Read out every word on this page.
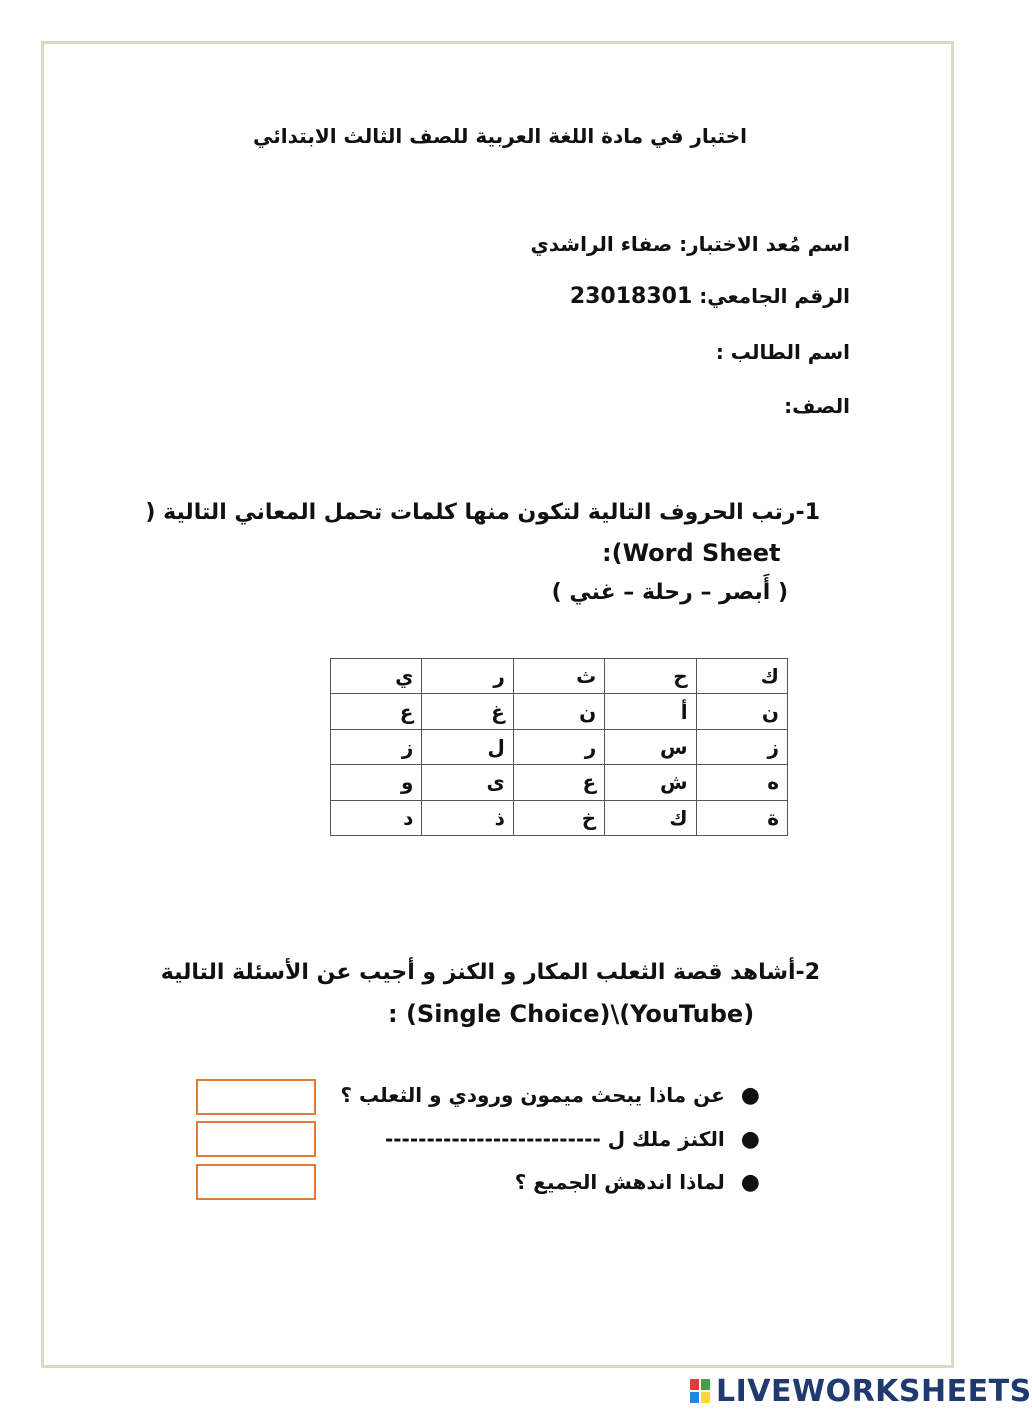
اختبار في مادة اللغة العربية للصف الثالث الابتدائي
اسم مُعد الاختبار: صفاء الراشدي
الرقم الجامعي: 23018301
اسم الطالب :
الصف:
1-رتب الحروف التالية لتكون منها كلمات تحمل المعاني التالية (
:(Word Sheet
( أَبصر – رحلة – غني )
ك	ح	ث	ر	ي
ن	أ	ن	غ	ع
ز	س	ر	ل	ز
ه	ش	ع	ى	و
ة	ك	خ	ذ	د
2-أشاهد قصة الثعلب المكار و الكنز و أجيب عن الأسئلة التالية
: (Single Choice)\(YouTube)
●عن ماذا يبحث ميمون ورودي و الثعلب ؟
●الكنز ملك ل --------------------------
●لماذا اندهش الجميع ؟
LIVEWORKSHEETS
